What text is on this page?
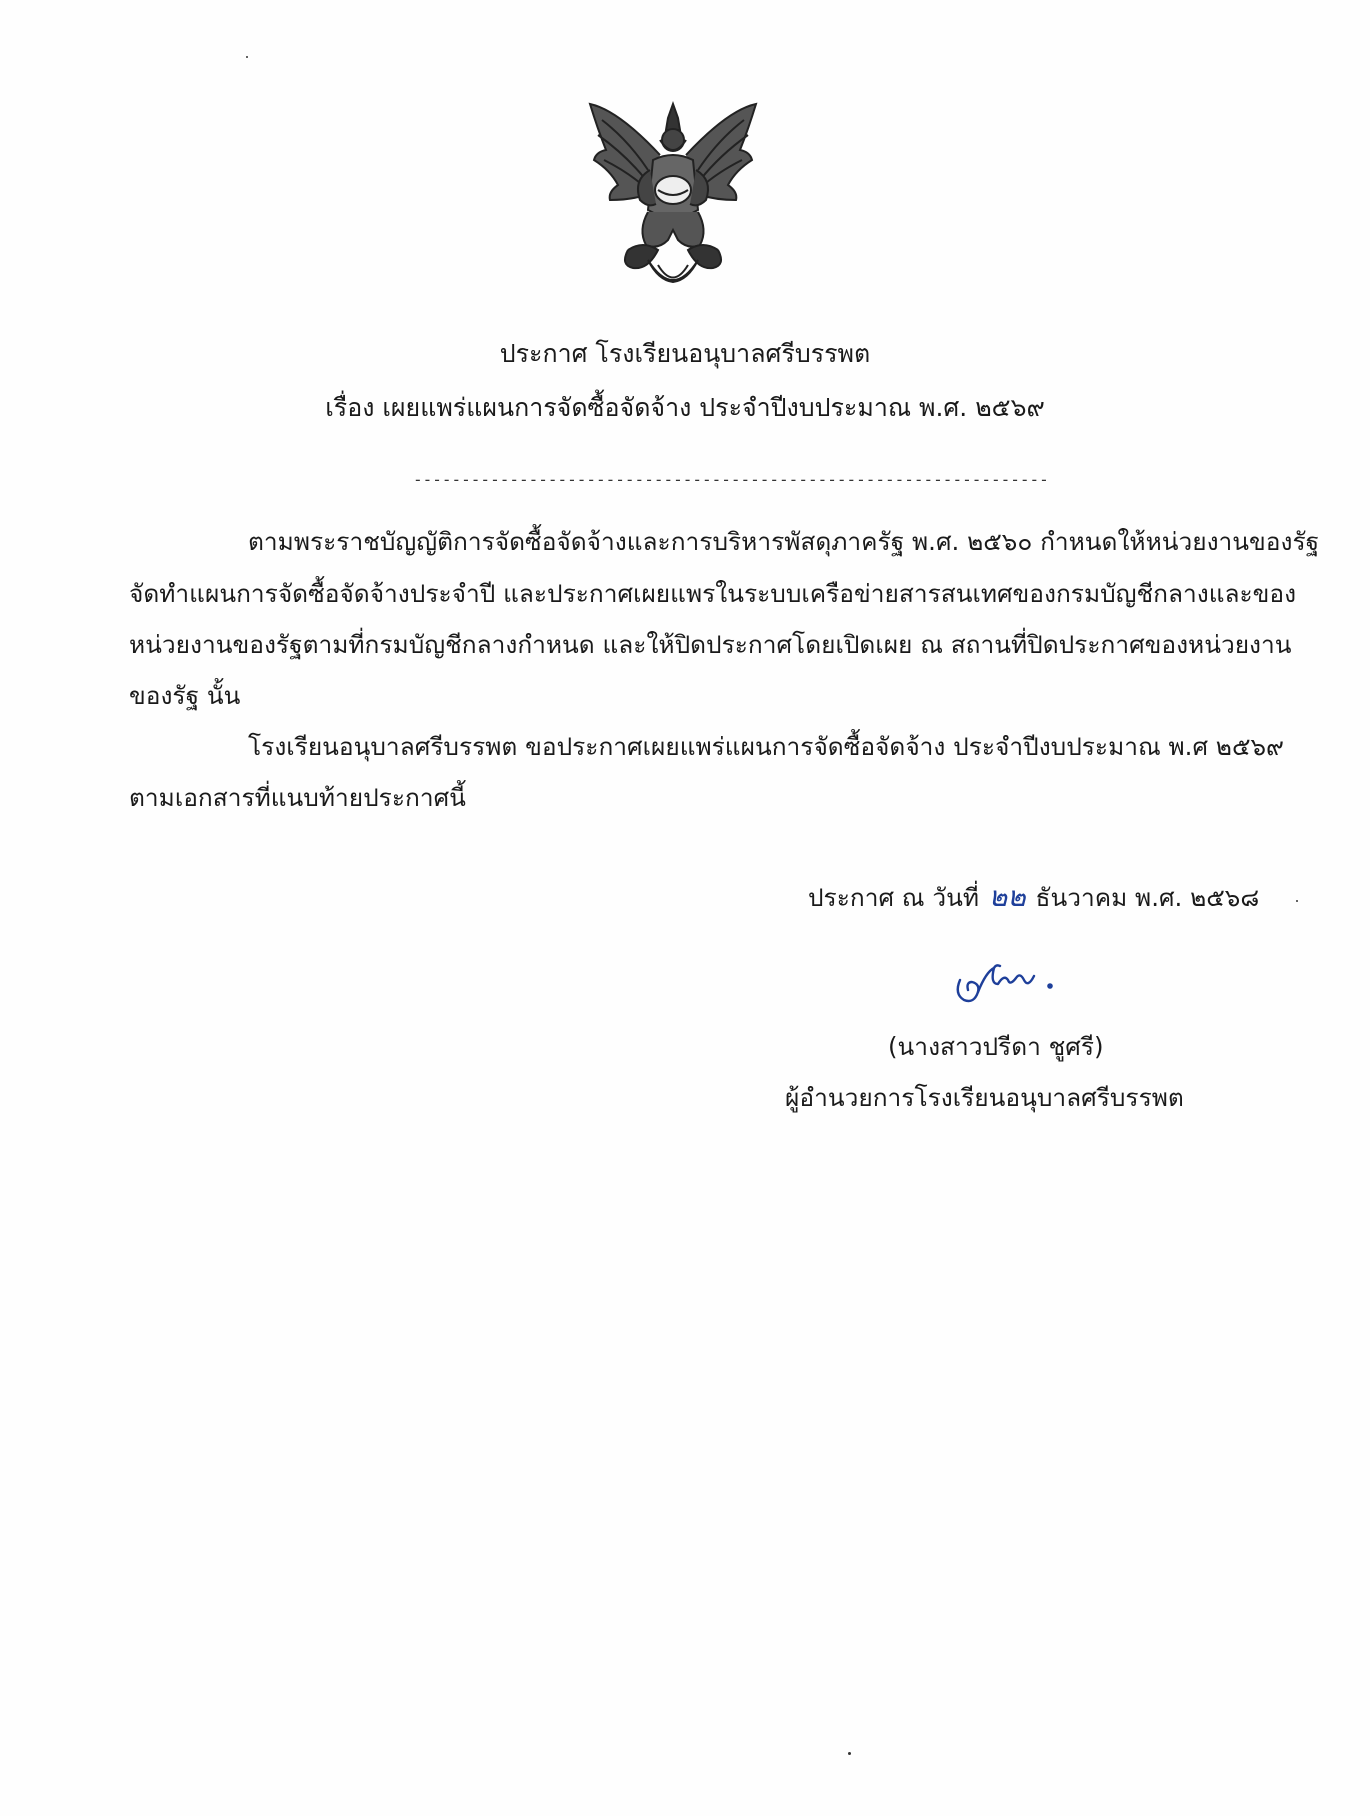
ประกาศ โรงเรียนอนุบาลศรีบรรพต
เรื่อง เผยแพร่แผนการจัดซื้อจัดจ้าง ประจำปีงบประมาณ พ.ศ. ๒๕๖๙
------------------------------------------------------------------
ตามพระราชบัญญัติการจัดซื้อจัดจ้างและการบริหารพัสดุภาครัฐ พ.ศ. ๒๕๖๐ กำหนดให้หน่วยงานของรัฐ
จัดทำแผนการจัดซื้อจัดจ้างประจำปี และประกาศเผยแพรในระบบเครือข่ายสารสนเทศของกรมบัญชีกลางและของ
หน่วยงานของรัฐตามที่กรมบัญชีกลางกำหนด และให้ปิดประกาศโดยเปิดเผย ณ สถานที่ปิดประกาศของหน่วยงาน
ของรัฐ นั้น
โรงเรียนอนุบาลศรีบรรพต ขอประกาศเผยแพร่แผนการจัดซื้อจัดจ้าง ประจำปีงบประมาณ พ.ศ ๒๕๖๙
ตามเอกสารที่แนบท้ายประกาศนี้
ประกาศ ณ วันที่ ๒๒ ธันวาคม พ.ศ. ๒๕๖๘
(นางสาวปรีดา ชูศรี)
ผู้อำนวยการโรงเรียนอนุบาลศรีบรรพต
